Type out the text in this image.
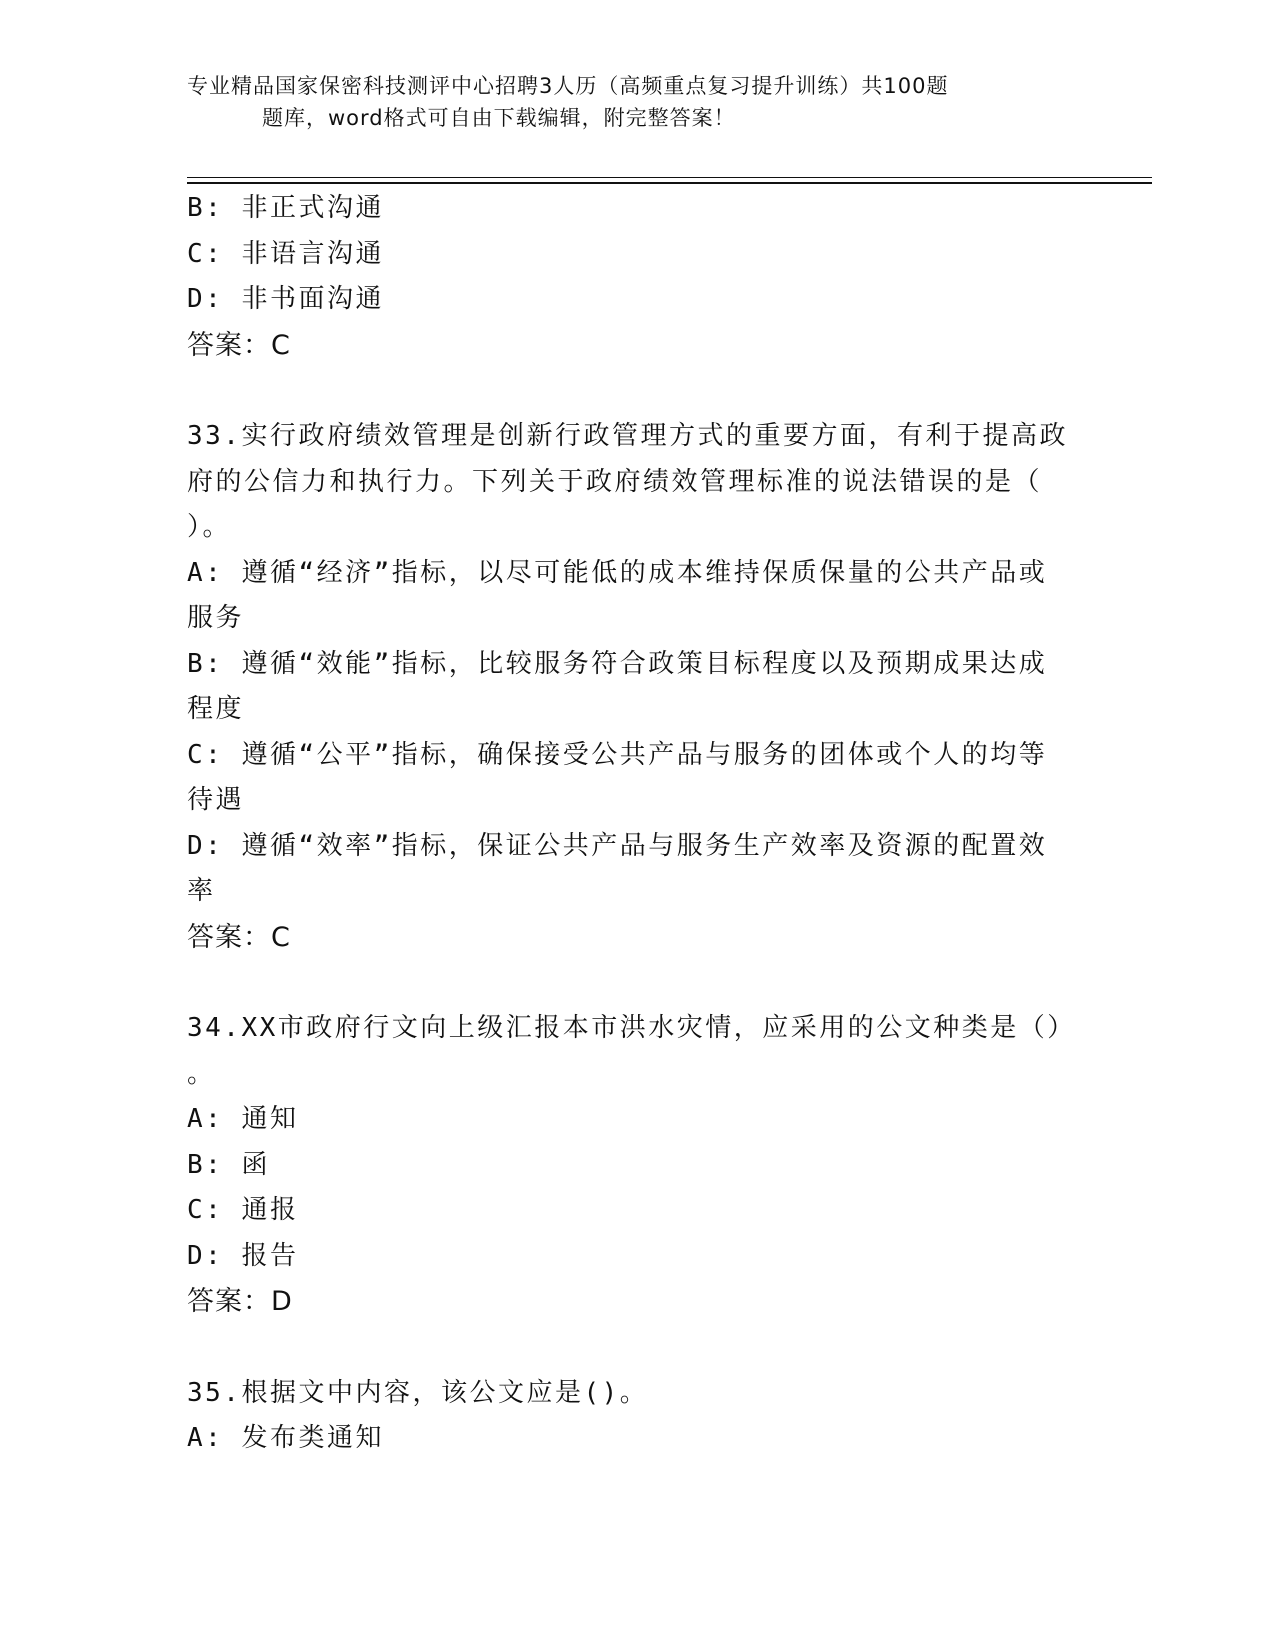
专业精品国家保密科技测评中心招聘3人历（高频重点复习提升训练）共100题
题库，word格式可自由下载编辑，附完整答案！
B: 非正式沟通
C: 非语言沟通
D: 非书面沟通
答案：C
33.实行政府绩效管理是创新行政管理方式的重要方面，有利于提高政
府的公信力和执行力。下列关于政府绩效管理标准的说法错误的是（
）。
A: 遵循“经济”指标，以尽可能低的成本维持保质保量的公共产品或
服务
B: 遵循“效能”指标，比较服务符合政策目标程度以及预期成果达成
程度
C: 遵循“公平”指标，确保接受公共产品与服务的团体或个人的均等
待遇
D: 遵循“效率”指标，保证公共产品与服务生产效率及资源的配置效
率
答案：C
34.XX市政府行文向上级汇报本市洪水灾情，应采用的公文种类是（）
。
A: 通知
B: 函
C: 通报
D: 报告
答案：D
35.根据文中内容，该公文应是()。
A: 发布类通知
